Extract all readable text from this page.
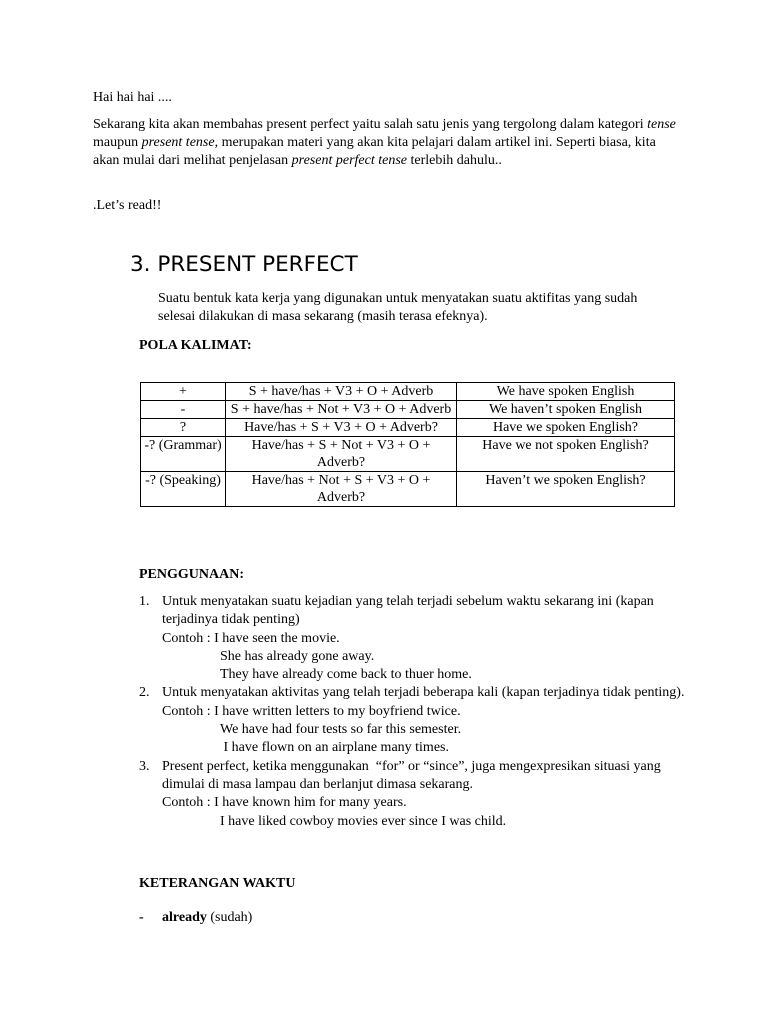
Hai hai hai ....
Sekarang kita akan membahas present perfect yaitu salah satu jenis yang tergolong dalam kategori tense maupun present tense, merupakan materi yang akan kita pelajari dalam artikel ini. Seperti biasa, kita akan mulai dari melihat penjelasan present perfect tense terlebih dahulu..
.Let’s read!!
3. PRESENT PERFECT
Suatu bentuk kata kerja yang digunakan untuk menyatakan suatu aktifitas yang sudah selesai dilakukan di masa sekarang (masih terasa efeknya).
POLA KALIMAT:
+	S + have/has + V3 + O + Adverb	We have spoken English
-	S + have/has + Not + V3 + O + Adverb	We haven’t spoken English
?	Have/has + S + V3 + O + Adverb?	Have we spoken English?
-? (Grammar)	Have/has + S + Not + V3 + O + Adverb?	Have we not spoken English?
-? (Speaking)	Have/has + Not + S + V3 + O + Adverb?	Haven’t we spoken English?
PENGGUNAAN:
1. Untuk menyatakan suatu kejadian yang telah terjadi sebelum waktu sekarang ini (kapan terjadinya tidak penting)
Contoh : I have seen the movie.
She has already gone away.
They have already come back to thuer home.
2. Untuk menyatakan aktivitas yang telah terjadi beberapa kali (kapan terjadinya tidak penting).
Contoh : I have written letters to my boyfriend twice.
We have had four tests so far this semester.
I have flown on an airplane many times.
3. Present perfect, ketika menggunakan  “for” or “since”, juga mengexpresikan situasi yang dimulai di masa lampau dan berlanjut dimasa sekarang.
Contoh : I have known him for many years.
I have liked cowboy movies ever since I was child.
KETERANGAN WAKTU
- already (sudah)
